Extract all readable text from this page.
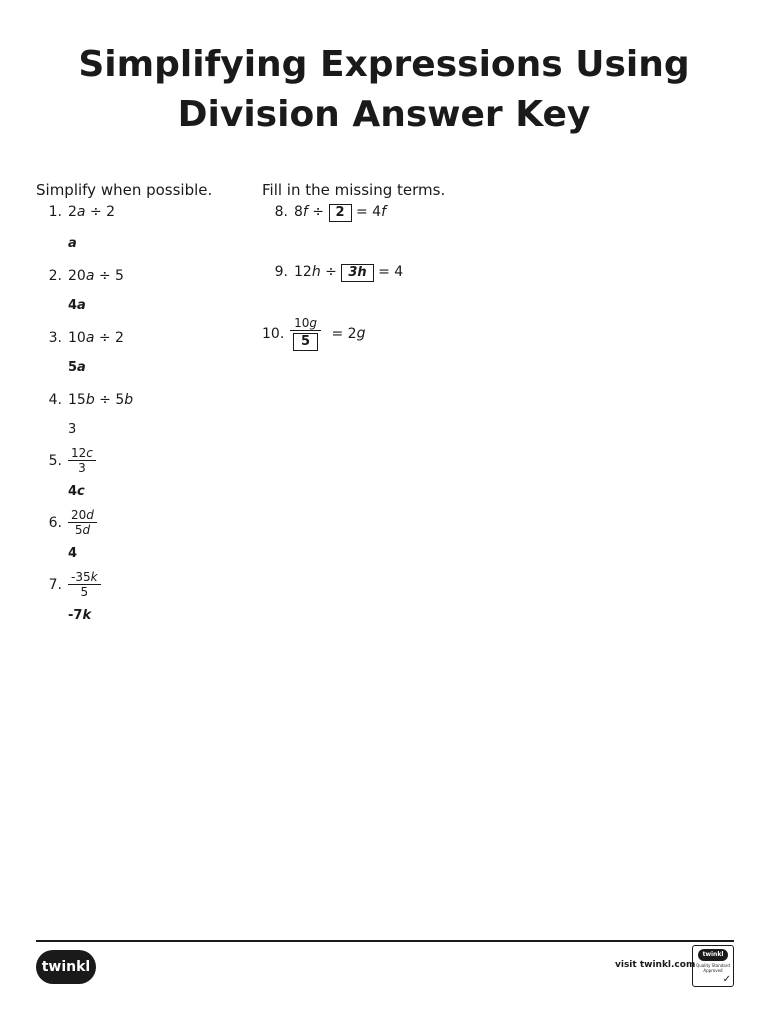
Simplifying Expressions Using
Division Answer Key
Simplify when possible.
1. 2a ÷ 2
a
2. 20a ÷ 5
4a
3. 10a ÷ 2
5a
4. 15b ÷ 5b
3
5. $\frac{12c}{3}$
4c
6. $\frac{20d}{5d}$
4
7. $\frac{-35k}{5}$
-7k
Fill in the missing terms.
8. 8f ÷ 2 = 4f
9. 12h ÷ 3h = 4
10. $\frac{10g}{5} = 2g$
twinkl	visit twinkl.com
twinkl
Quality Standard Approved
✓
